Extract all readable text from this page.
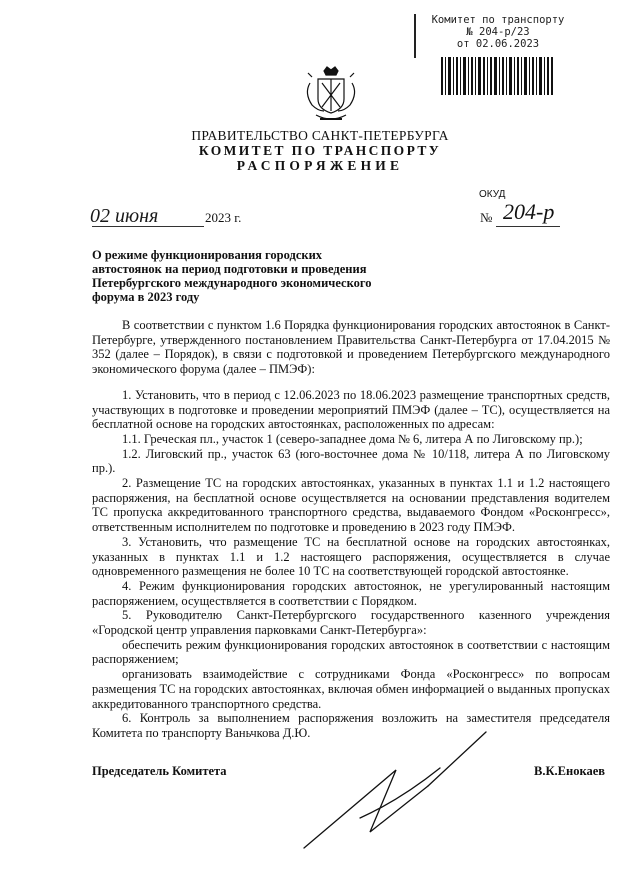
Комитет по транспорту
№ 204-р/23
от 02.06.2023
ПРАВИТЕЛЬСТВО САНКТ-ПЕТЕРБУРГА
КОМИТЕТ ПО ТРАНСПОРТУ
РАСПОРЯЖЕНИЕ
ОКУД
02 июня	2023 г.	№ 204-р
О режиме функционирования городских автостоянок на период подготовки и проведения Петербургского международного экономического форума в 2023 году

В соответствии с пунктом 1.6 Порядка функционирования городских автостоянок в Санкт-Петербурге, утвержденного постановлением Правительства Санкт-Петербурга от 17.04.2015 № 352 (далее – Порядок), в связи с подготовкой и проведением Петербургского международного экономического форума (далее – ПМЭФ):

1. Установить, что в период с 12.06.2023 по 18.06.2023 размещение транспортных средств, участвующих в подготовке и проведении мероприятий ПМЭФ (далее – ТС), осуществляется на бесплатной основе на городских автостоянках, расположенных по адресам:

1.1. Греческая пл., участок 1 (северо-западнее дома № 6, литера А по Лиговскому пр.);

1.2. Лиговский пр., участок 63 (юго-восточнее дома № 10/118, литера А по Лиговскому пр.).

2. Размещение ТС на городских автостоянках, указанных в пунктах 1.1 и 1.2 настоящего распоряжения, на бесплатной основе осуществляется на основании представления водителем ТС пропуска аккредитованного транспортного средства, выдаваемого Фондом «Росконгресс», ответственным исполнителем по подготовке и проведению в 2023 году ПМЭФ.

3. Установить, что размещение ТС на бесплатной основе на городских автостоянках, указанных в пунктах 1.1 и 1.2 настоящего распоряжения, осуществляется в случае одновременного размещения не более 10 ТС на соответствующей городской автостоянке.

4. Режим функционирования городских автостоянок, не урегулированный настоящим распоряжением, осуществляется в соответствии с Порядком.

5. Руководителю Санкт-Петербургского государственного казенного учреждения «Городской центр управления парковками Санкт-Петербурга»:

обеспечить режим функционирования городских автостоянок в соответствии с настоящим распоряжением;

организовать взаимодействие с сотрудниками Фонда «Росконгресс» по вопросам размещения ТС на городских автостоянках, включая обмен информацией о выданных пропусках аккредитованного транспортного средства.

6. Контроль за выполнением распоряжения возложить на заместителя председателя Комитета по транспорту Ваньчкова Д.Ю.

Председатель Комитета	В.К.Енокаев
